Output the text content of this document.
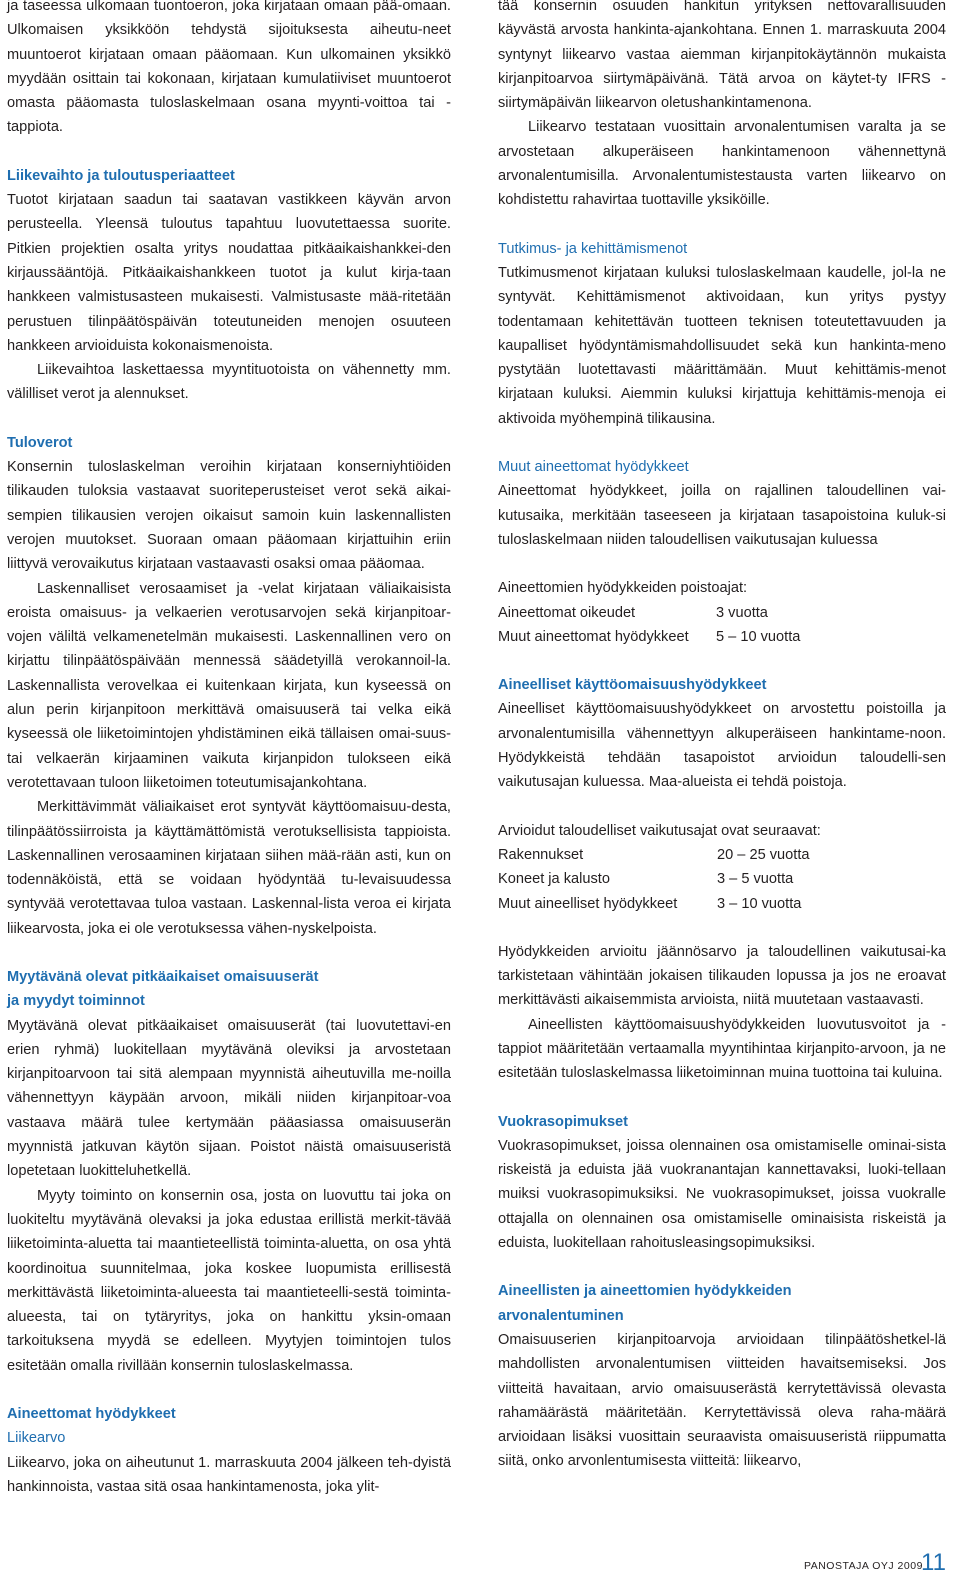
ja taseessa ulkomaan tuontoeron, joka kirjataan omaan pää-omaan. Ulkomaisen yksikköön tehdystä sijoituksesta aiheutu-neet muuntoerot kirjataan omaan pääomaan. Kun ulkomainen yksikkö myydään osittain tai kokonaan, kirjataan kumulatiiviset muuntoerot omasta pääomasta tuloslaskelmaan osana myynti-voittoa tai -tappiota.

Liikevaihto ja tuloutusperiaatteet

Tuotot kirjataan saadun tai saatavan vastikkeen käyvän arvon perusteella. Yleensä tuloutus tapahtuu luovutettaessa suorite. Pitkien projektien osalta yritys noudattaa pitkäaikaishankkei-den kirjaussääntöjä. Pitkäaikaishankkeen tuotot ja kulut kirja-taan hankkeen valmistusasteen mukaisesti. Valmistusaste mää-ritetään perustuen tilinpäätöspäivän toteutuneiden menojen osuuteen hankkeen arvioiduista kokonaismenoista.

Liikevaihtoa laskettaessa myyntituotoista on vähennetty mm. välilliset verot ja alennukset.

Tuloverot

Konsernin tuloslaskelman veroihin kirjataan konserniyhtiöiden tilikauden tuloksia vastaavat suoriteperusteiset verot sekä aikai-sempien tilikausien verojen oikaisut samoin kuin laskennallisten verojen muutokset. Suoraan omaan pääomaan kirjattuihin eriin liittyvä verovaikutus kirjataan vastaavasti osaksi omaa pääomaa.

Laskennalliset verosaamiset ja -velat kirjataan väliaikaisista eroista omaisuus- ja velkaerien verotusarvojen sekä kirjanpitoar-vojen väliltä velkamenetelmän mukaisesti. Laskennallinen vero on kirjattu tilinpäätöspäivään mennessä säädetyillä verokannoil-la. Laskennallista verovelkaa ei kuitenkaan kirjata, kun kyseessä on alun perin kirjanpitoon merkittävä omaisuuserä tai velka eikä kyseessä ole liiketoimintojen yhdistäminen eikä tällaisen omai-suus- tai velkaerän kirjaaminen vaikuta kirjanpidon tulokseen eikä verotettavaan tuloon liiketoimen toteutumisajankohtana.

Merkittävimmät väliaikaiset erot syntyvät käyttöomaisuu-desta, tilinpäätössiirroista ja käyttämättömistä verotuksellisista tappioista. Laskennallinen verosaaminen kirjataan siihen mää-rään asti, kun on todennäköistä, että se voidaan hyödyntää tu-levaisuudessa syntyvää verotettavaa tuloa vastaan. Laskennal-lista veroa ei kirjata liikearvosta, joka ei ole verotuksessa vähen-nyskelpoista.

Myytävänä olevat pitkäaikaiset omaisuuserät

ja myydyt toiminnot

Myytävänä olevat pitkäaikaiset omaisuuserät (tai luovutettavi-en erien ryhmä) luokitellaan myytävänä oleviksi ja arvostetaan kirjanpitoarvoon tai sitä alempaan myynnistä aiheutuvilla me-noilla vähennettyyn käypään arvoon, mikäli niiden kirjanpitoar-voa vastaava määrä tulee kertymään pääasiassa omaisuuserän myynnistä jatkuvan käytön sijaan. Poistot näistä omaisuuseristä lopetetaan luokitteluhetkellä.

Myyty toiminto on konsernin osa, josta on luovuttu tai joka on luokiteltu myytävänä olevaksi ja joka edustaa erillistä merkit-tävää liiketoiminta-aluetta tai maantieteellistä toiminta-aluetta, on osa yhtä koordinoitua suunnitelmaa, joka koskee luopumista erillisestä merkittävästä liiketoiminta-alueesta tai maantieteelli-sestä toiminta-alueesta, tai on tytäryritys, joka on hankittu yksin-omaan tarkoituksena myydä se edelleen. Myytyjen toimintojen tulos esitetään omalla rivillään konsernin tuloslaskelmassa.

Aineettomat hyödykkeet

Liikearvo

Liikearvo, joka on aiheutunut 1. marraskuuta 2004 jälkeen teh-dyistä hankinnoista, vastaa sitä osaa hankintamenosta, joka ylit-

tää konsernin osuuden hankitun yrityksen nettovarallisuuden käyvästä arvosta hankinta-ajankohtana. Ennen 1. marraskuuta 2004 syntynyt liikearvo vastaa aiemman kirjanpitokäytännön mukaista kirjanpitoarvoa siirtymäpäivänä. Tätä arvoa on käytet-ty IFRS -siirtymäpäivän liikearvon oletushankintamenona.

Liikearvo testataan vuosittain arvonalentumisen varalta ja se arvostetaan alkuperäiseen hankintamenoon vähennettynä arvonalentumisilla. Arvonalentumistestausta varten liikearvo on kohdistettu rahavirtaa tuottaville yksiköille.

Tutkimus- ja kehittämismenot

Tutkimusmenot kirjataan kuluksi tuloslaskelmaan kaudelle, jol-la ne syntyvät. Kehittämismenot aktivoidaan, kun yritys pystyy todentamaan kehitettävän tuotteen teknisen toteutettavuuden ja kaupalliset hyödyntämismahdollisuudet sekä kun hankinta-meno pystytään luotettavasti määrittämään. Muut kehittämis-menot kirjataan kuluksi. Aiemmin kuluksi kirjattuja kehittämis-menoja ei aktivoida myöhempinä tilikausina.

Muut aineettomat hyödykkeet

Aineettomat hyödykkeet, joilla on rajallinen taloudellinen vai-kutusaika, merkitään taseeseen ja kirjataan tasapoistoina kuluk-si tuloslaskelmaan niiden taloudellisen vaikutusajan kuluessa

Aineettomien hyödykkeiden poistoajat:

Aineettomat oikeudet	3 vuotta
Muut aineettomat hyödykkeet	5 – 10 vuotta

Aineelliset käyttöomaisuushyödykkeet

Aineelliset käyttöomaisuushyödykkeet on arvostettu poistoilla ja arvonalentumisilla vähennettyyn alkuperäiseen hankintame-noon. Hyödykkeistä tehdään tasapoistot arvioidun taloudelli-sen vaikutusajan kuluessa. Maa-alueista ei tehdä poistoja.

Arvioidut taloudelliset vaikutusajat ovat seuraavat:

Rakennukset	20 – 25 vuotta
Koneet ja kalusto	3 – 5 vuotta
Muut aineelliset hyödykkeet	3 – 10 vuotta

Hyödykkeiden arvioitu jäännösarvo ja taloudellinen vaikutusai-ka tarkistetaan vähintään jokaisen tilikauden lopussa ja jos ne eroavat merkittävästi aikaisemmista arvioista, niitä muutetaan vastaavasti.

Aineellisten käyttöomaisuushyödykkeiden luovutusvoitot ja -tappiot määritetään vertaamalla myyntihintaa kirjanpito-arvoon, ja ne esitetään tuloslaskelmassa liiketoiminnan muina tuottoina tai kuluina.

Vuokrasopimukset

Vuokrasopimukset, joissa olennainen osa omistamiselle ominai-sista riskeistä ja eduista jää vuokranantajan kannettavaksi, luoki-tellaan muiksi vuokrasopimuksiksi. Ne vuokrasopimukset, joissa vuokralle ottajalla on olennainen osa omistamiselle ominaisista riskeistä ja eduista, luokitellaan rahoitusleasingsopimuksiksi.

Aineellisten ja aineettomien hyödykkeiden

arvonalentuminen

Omaisuuserien kirjanpitoarvoja arvioidaan tilinpäätöshetkel-lä mahdollisten arvonalentumisen viitteiden havaitsemiseksi. Jos viitteitä havaitaan, arvio omaisuuserästä kerrytettävissä olevasta rahamäärästä määritetään. Kerrytettävissä oleva raha-määrä arvioidaan lisäksi vuosittain seuraavista omaisuuseristä riippumatta siitä, onko arvonlentumisesta viitteitä: liikearvo,

PANOSTAJA OYJ 2009
11
